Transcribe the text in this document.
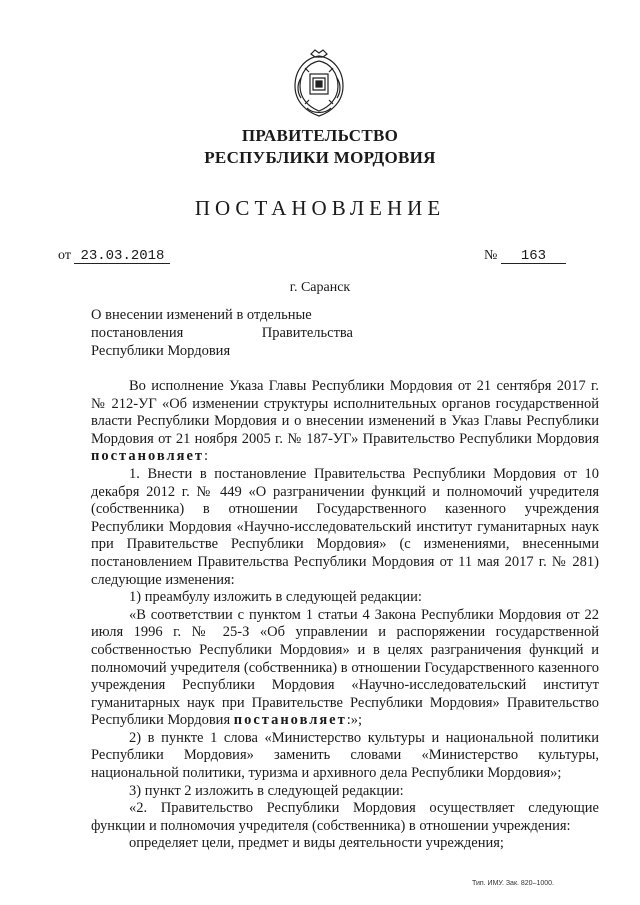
ПРАВИТЕЛЬСТВО
РЕСПУБЛИКИ МОРДОВИЯ
ПОСТАНОВЛЕНИЕ
от 23.03.2018	№ 163
г. Саранск
О внесении изменений в отдельные
постановления	Правительства
Республики Мордовия

Во исполнение Указа Главы Республики Мордовия от 21 сентября 2017 г. № 212-УГ «Об изменении структуры исполнительных органов государственной власти Республики Мордовия и о внесении изменений в Указ Главы Республики Мордовия от 21 ноября 2005 г. № 187-УГ» Правительство Республики Мордовия постановляет:

1. Внести в постановление Правительства Республики Мордовия от 10 декабря 2012 г. № 449 «О разграничении функций и полномочий учредителя (собственника) в отношении Государственного казенного учреждения Республики Мордовия «Научно-исследовательский институт гуманитарных наук при Правительстве Республики Мордовия» (с изменениями, внесенными постановлением Правительства Республики Мордовия от 11 мая 2017 г. № 281) следующие изменения:

1) преамбулу изложить в следующей редакции:

«В соответствии с пунктом 1 статьи 4 Закона Республики Мордовия от 22 июля 1996 г. № 25-З «Об управлении и распоряжении государственной собственностью Республики Мордовия» и в целях разграничения функций и полномочий учредителя (собственника) в отношении Государственного казенного учреждения Республики Мордовия «Научно-исследовательский институт гуманитарных наук при Правительстве Республики Мордовия» Правительство Республики Мордовия постановляет:»;

2) в пункте 1 слова «Министерство культуры и национальной политики Республики Мордовия» заменить словами «Министерство культуры, национальной политики, туризма и архивного дела Республики Мордовия»;

3) пункт 2 изложить в следующей редакции:

«2. Правительство Республики Мордовия осуществляет следующие функции и полномочия учредителя (собственника) в отношении учреждения:

определяет цели, предмет и виды деятельности учреждения;

Тип. ИМУ. Зак. 820–1000.
